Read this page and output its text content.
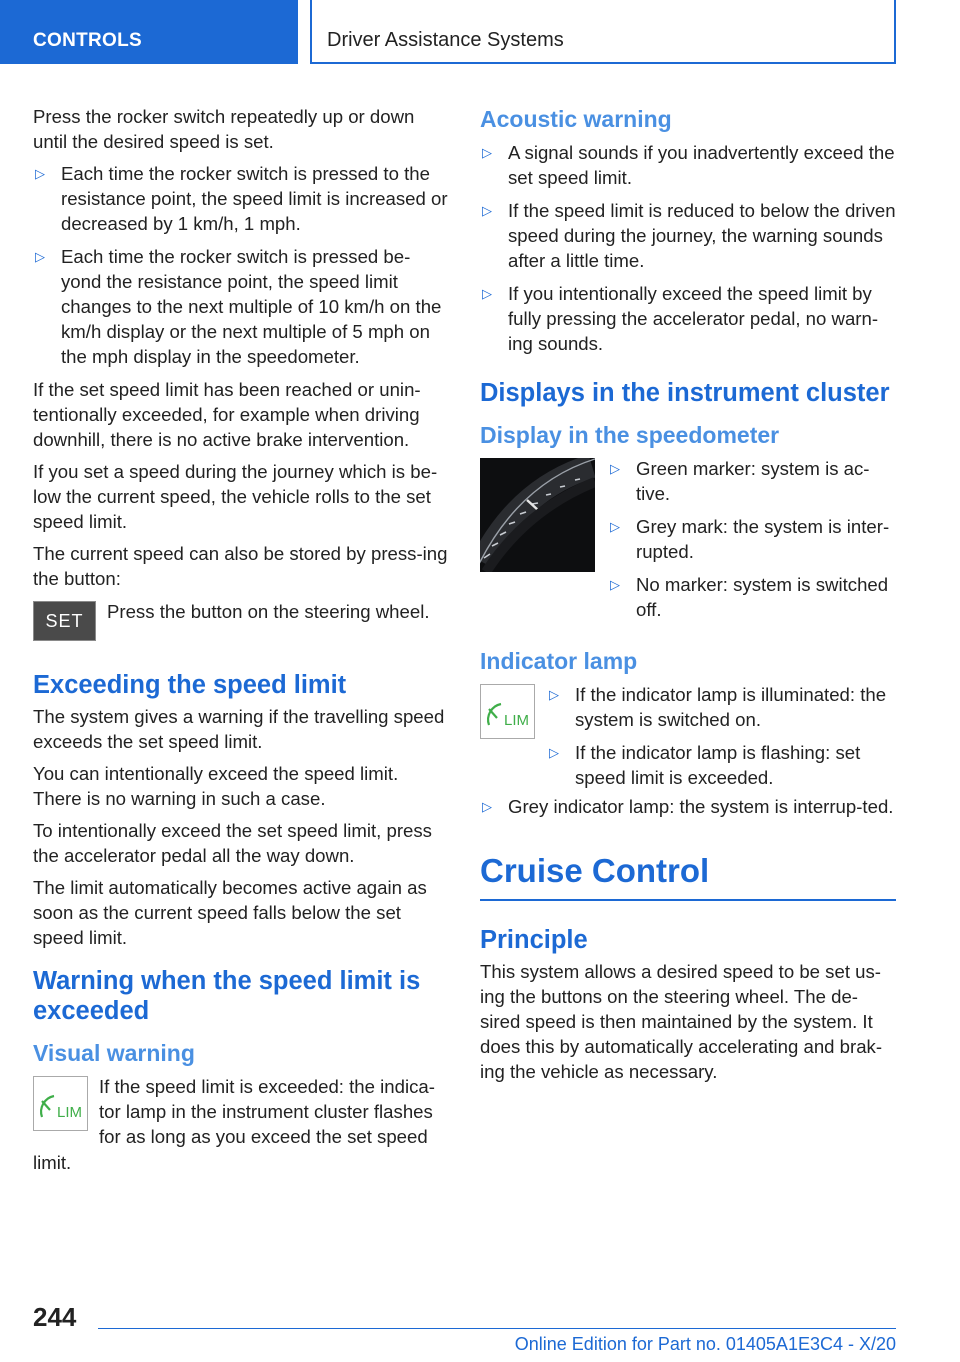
CONTROLS	Driver Assistance Systems

Press the rocker switch repeatedly up or down until the desired speed is set.

▷ Each time the rocker switch is pressed to the resistance point, the speed limit is increased or decreased by 1 km/h, 1 mph.
▷ Each time the rocker switch is pressed be‐yond the resistance point, the speed limit changes to the next multiple of 10 km/h on the km/h display or the next multiple of 5 mph on the mph display in the speedometer.

If the set speed limit has been reached or unin‐tentionally exceeded, for example when driving downhill, there is no active brake intervention.

If you set a speed during the journey which is be‐low the current speed, the vehicle rolls to the set speed limit.

The current speed can also be stored by press‐ing the button:

SET	Press the button on the steering wheel.

Exceeding the speed limit

The system gives a warning if the travelling speed exceeds the set speed limit.

You can intentionally exceed the speed limit. There is no warning in such a case.

To intentionally exceed the set speed limit, press the accelerator pedal all the way down.

The limit automatically becomes active again as soon as the current speed falls below the set speed limit.

Warning when the speed limit is exceeded
Visual warning
LIM

If the speed limit is exceeded: the indica‐tor lamp in the instrument cluster flashes for as long as you exceed the set speed

limit.

Acoustic warning
▷ A signal sounds if you inadvertently exceed the set speed limit.
▷ If the speed limit is reduced to below the driven speed during the journey, the warning sounds after a little time.
▷ If you intentionally exceed the speed limit by fully pressing the accelerator pedal, no warn‐ing sounds.
Displays in the instrument cluster
Display in the speedometer
▷ Green marker: system is ac‐tive.
▷ Grey mark: the system is inter‐rupted.
▷ No marker: system is switched off.
Indicator lamp
LIM
▷ If the indicator lamp is illuminated: the system is switched on.
▷ If the indicator lamp is flashing: set speed limit is exceeded.
▷ Grey indicator lamp: the system is interrup‐ted.
Cruise Control
Principle

This system allows a desired speed to be set us‐ing the buttons on the steering wheel. The de‐sired speed is then maintained by the system. It does this by automatically accelerating and brak‐ing the vehicle as necessary.

244
Online Edition for Part no. 01405A1E3C4 - X/20
